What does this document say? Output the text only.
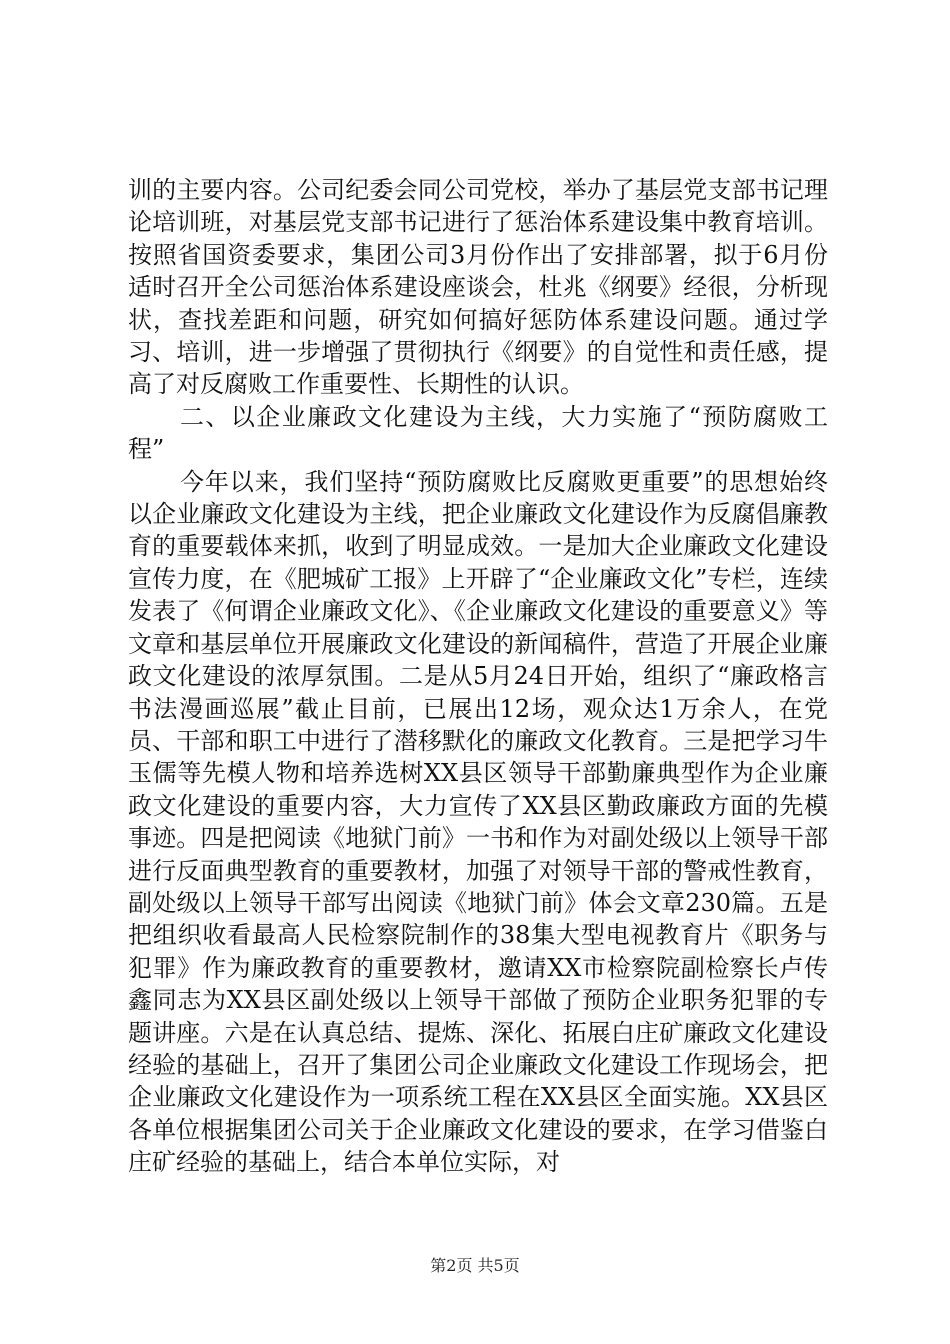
训的主要内容。公司纪委会同公司党校，举办了基层党支部书记理论培训班，对基层党支部书记进行了惩治体系建设集中教育培训。按照省国资委要求，集团公司3月份作出了安排部署，拟于6月份适时召开全公司惩治体系建设座谈会，杜兆《纲要》经很，分析现状，查找差距和问题，研究如何搞好惩防体系建设问题。通过学习、培训，进一步增强了贯彻执行《纲要》的自觉性和责任感，提高了对反腐败工作重要性、长期性的认识。

二、以企业廉政文化建设为主线，大力实施了“预防腐败工程”

今年以来，我们坚持“预防腐败比反腐败更重要”的思想始终以企业廉政文化建设为主线，把企业廉政文化建设作为反腐倡廉教育的重要载体来抓，收到了明显成效。一是加大企业廉政文化建设宣传力度，在《肥城矿工报》上开辟了“企业廉政文化”专栏，连续发表了《何谓企业廉政文化》、《企业廉政文化建设的重要意义》等文章和基层单位开展廉政文化建设的新闻稿件，营造了开展企业廉政文化建设的浓厚氛围。二是从5月24日开始，组织了“廉政格言书法漫画巡展”截止目前，已展出12场，观众达1万余人，在党员、干部和职工中进行了潜移默化的廉政文化教育。三是把学习牛玉儒等先模人物和培养选树XX县区领导干部勤廉典型作为企业廉政文化建设的重要内容，大力宣传了XX县区勤政廉政方面的先模事迹。四是把阅读《地狱门前》一书和作为对副处级以上领导干部进行反面典型教育的重要教材，加强了对领导干部的警戒性教育，副处级以上领导干部写出阅读《地狱门前》体会文章230篇。五是把组织收看最高人民检察院制作的38集大型电视教育片《职务与犯罪》作为廉政教育的重要教材，邀请XX市检察院副检察长卢传鑫同志为XX县区副处级以上领导干部做了预防企业职务犯罪的专题讲座。六是在认真总结、提炼、深化、拓展白庄矿廉政文化建设经验的基础上，召开了集团公司企业廉政文化建设工作现场会，把企业廉政文化建设作为一项系统工程在XX县区全面实施。XX县区各单位根据集团公司关于企业廉政文化建设的要求，在学习借鉴白庄矿经验的基础上，结合本单位实际，对

第2页 共5页
